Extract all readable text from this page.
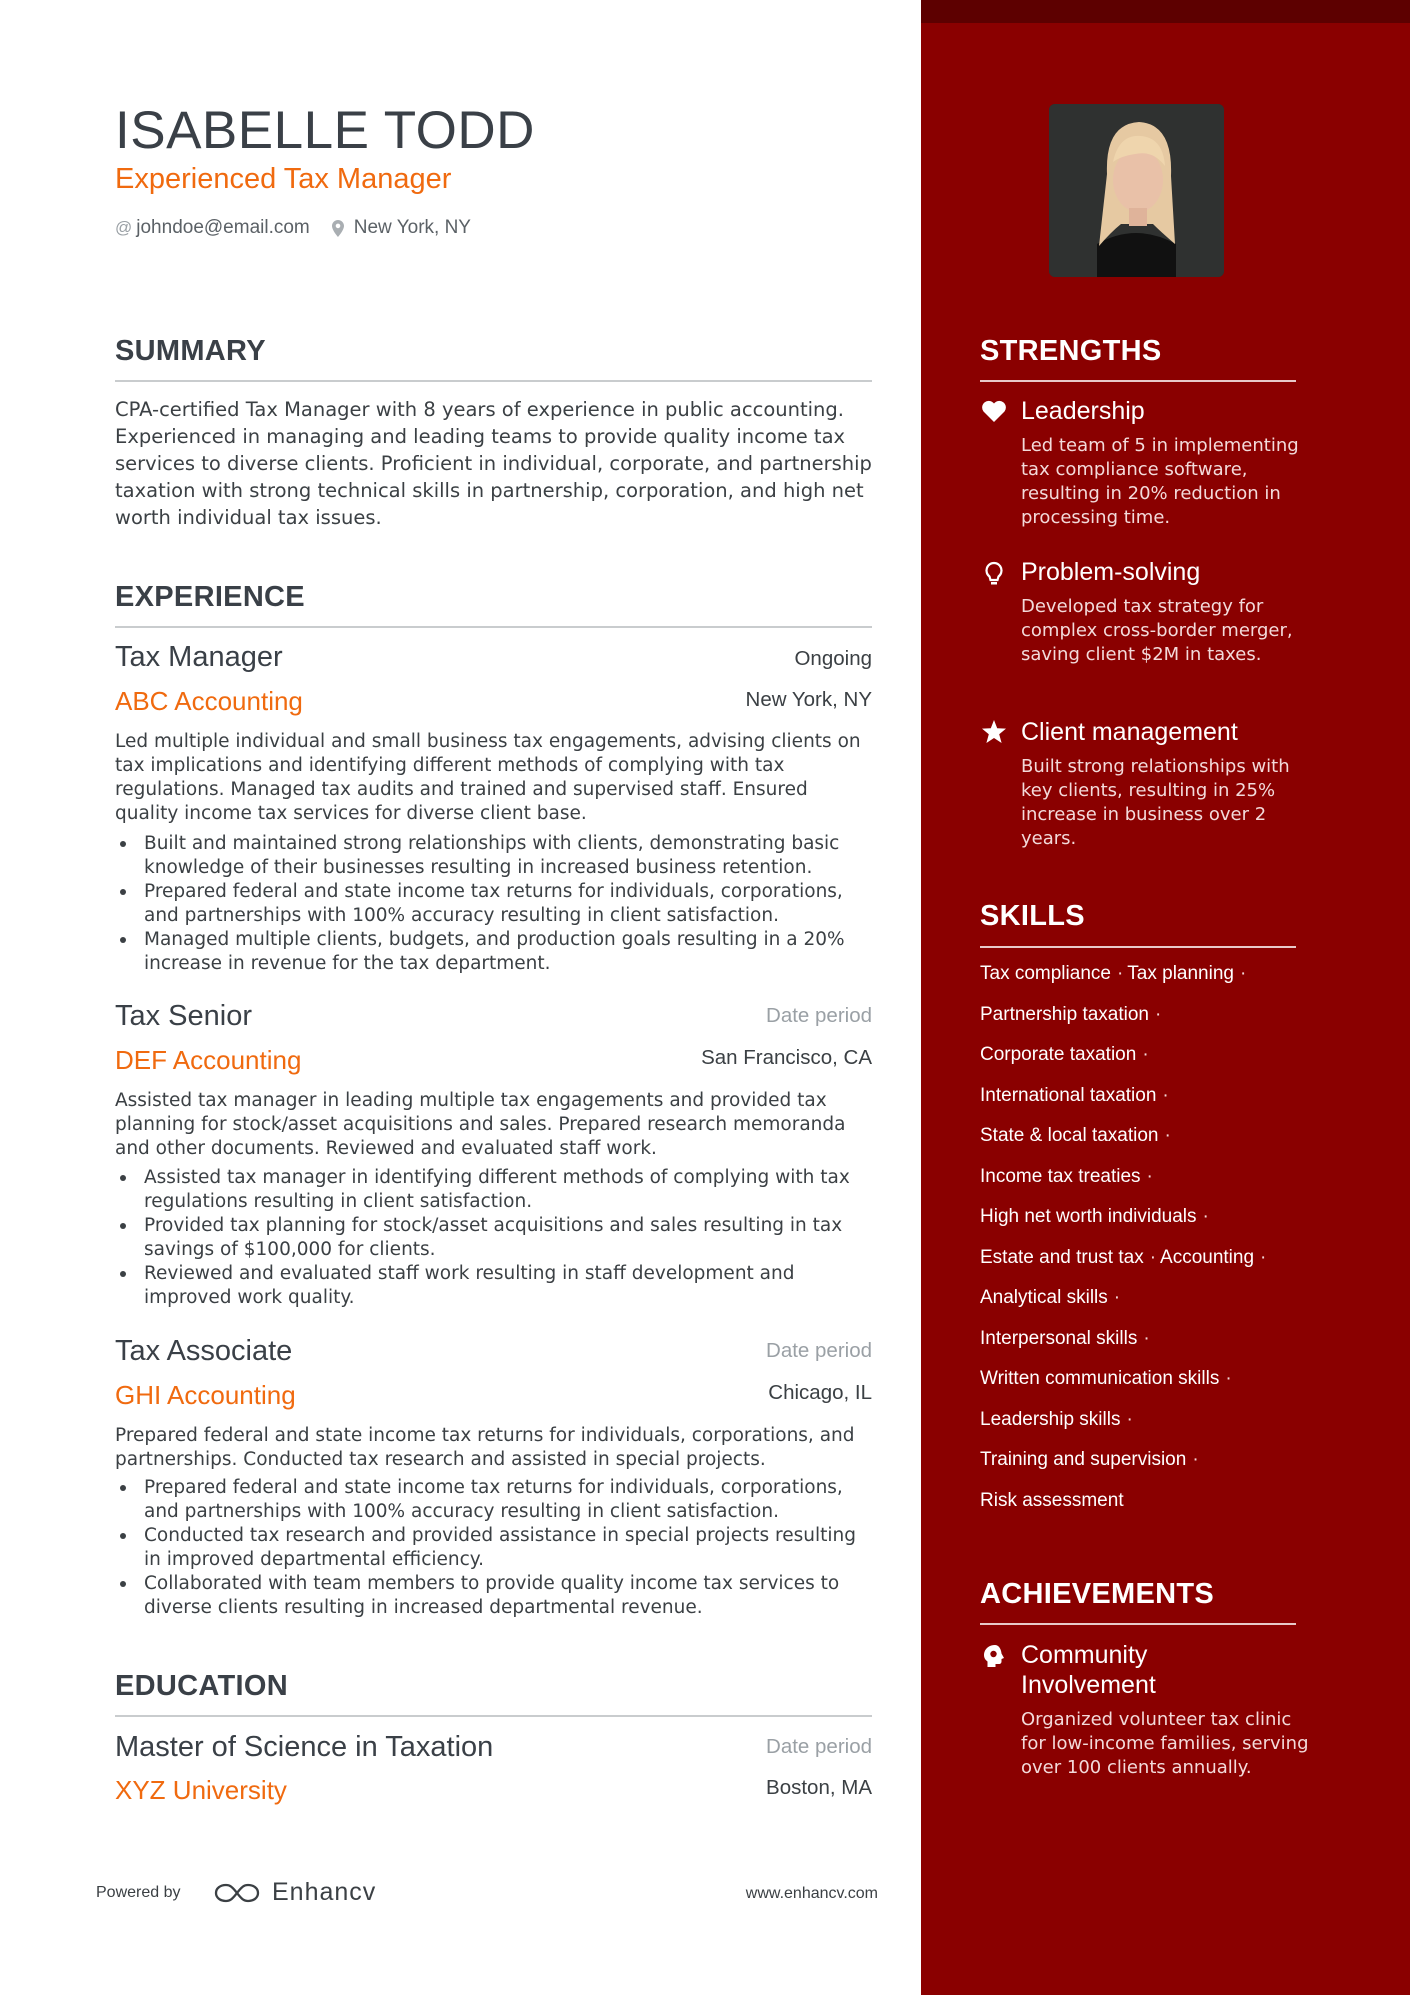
ISABELLE TODD
Experienced Tax Manager
@ johndoe@email.com New York, NY
SUMMARY

CPA-certified Tax Manager with 8 years of experience in public accounting. Experienced in managing and leading teams to provide quality income tax services to diverse clients. Proficient in individual, corporate, and partnership taxation with strong technical skills in partnership, corporation, and high net worth individual tax issues.

EXPERIENCE
Tax Manager	Ongoing
ABC Accounting	New York, NY

Led multiple individual and small business tax engagements, advising clients on tax implications and identifying different methods of complying with tax regulations. Managed tax audits and trained and supervised staff. Ensured quality income tax services for diverse client base.

Built and maintained strong relationships with clients, demonstrating basic knowledge of their businesses resulting in increased business retention.
Prepared federal and state income tax returns for individuals, corporations, and partnerships with 100% accuracy resulting in client satisfaction.
Managed multiple clients, budgets, and production goals resulting in a 20% increase in revenue for the tax department.
Tax Senior	Date period
DEF Accounting	San Francisco, CA

Assisted tax manager in leading multiple tax engagements and provided tax planning for stock/asset acquisitions and sales. Prepared research memoranda and other documents. Reviewed and evaluated staff work.

Assisted tax manager in identifying different methods of complying with tax regulations resulting in client satisfaction.
Provided tax planning for stock/asset acquisitions and sales resulting in tax savings of $100,000 for clients.
Reviewed and evaluated staff work resulting in staff development and improved work quality.
Tax Associate	Date period
GHI Accounting	Chicago, IL

Prepared federal and state income tax returns for individuals, corporations, and partnerships. Conducted tax research and assisted in special projects.

Prepared federal and state income tax returns for individuals, corporations, and partnerships with 100% accuracy resulting in client satisfaction.
Conducted tax research and provided assistance in special projects resulting in improved departmental efficiency.
Collaborated with team members to provide quality income tax services to diverse clients resulting in increased departmental revenue.
EDUCATION
Master of Science in Taxation	Date period
XYZ University	Boston, MA
Powered by	Enhancv	www.enhancv.com
STRENGTHS
Leadership

Led team of 5 in implementing tax compliance software, resulting in 20% reduction in processing time.

Problem-solving

Developed tax strategy for complex cross-border merger, saving client $2M in taxes.

Client management

Built strong relationships with key clients, resulting in 25% increase in business over 2 years.

SKILLS
Tax compliance · Tax planning ·
Partnership taxation ·
Corporate taxation ·
International taxation ·
State & local taxation ·
Income tax treaties ·
High net worth individuals ·
Estate and trust tax · Accounting ·
Analytical skills ·
Interpersonal skills ·
Written communication skills ·
Leadership skills ·
Training and supervision ·
Risk assessment
ACHIEVEMENTS
Community Involvement

Organized volunteer tax clinic for low-income families, serving over 100 clients annually.
